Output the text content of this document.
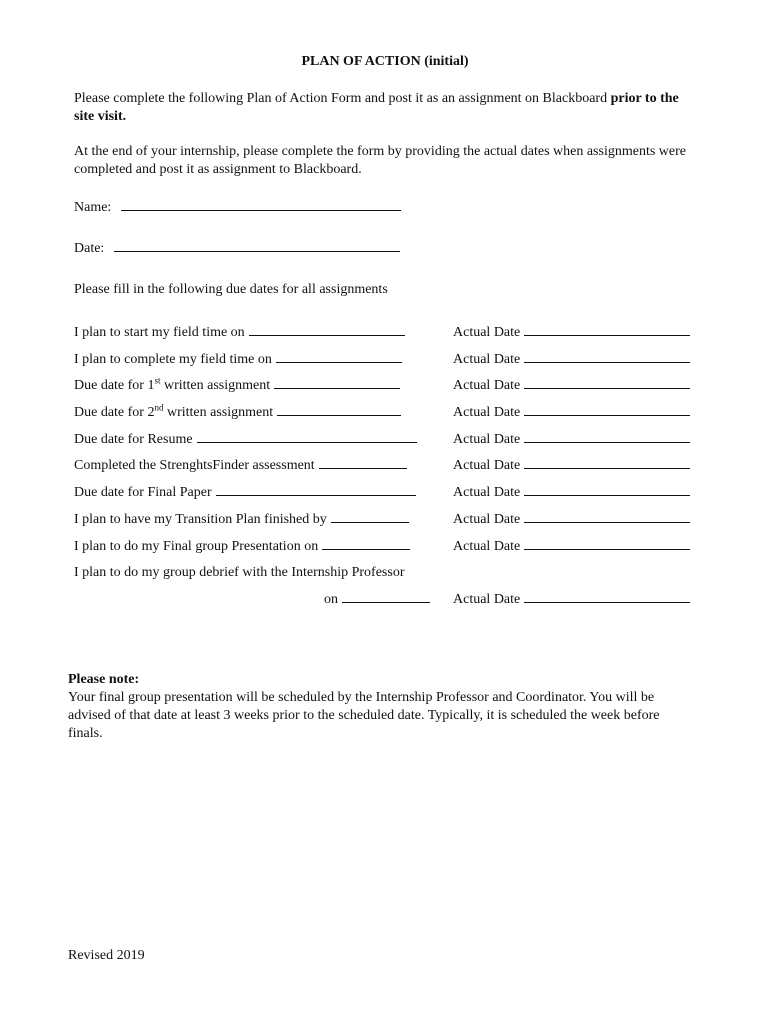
PLAN OF ACTION (initial)
Please complete the following Plan of Action Form and post it as an assignment on Blackboard prior to the site visit.
At the end of your internship, please complete the form by providing the actual dates when assignments were completed and post it as assignment to Blackboard.
Name:
Date:
Please fill in the following due dates for all assignments
I plan to start my field time on	Actual Date
I plan to complete my field time on	Actual Date
Due date for 1st written assignment	Actual Date
Due date for 2nd written assignment	Actual Date
Due date for Resume	Actual Date
Completed the StrenghtsFinder assessment	Actual Date
Due date for Final Paper	Actual Date
I plan to have my Transition Plan finished by	Actual Date
I plan to do my Final group Presentation on	Actual Date
I plan to do my group debrief with the Internship Professor
on	Actual Date
Please note:
Your final group presentation will be scheduled by the Internship Professor and Coordinator. You will be advised of that date at least 3 weeks prior to the scheduled date. Typically, it is scheduled the week before finals.
Revised 2019
